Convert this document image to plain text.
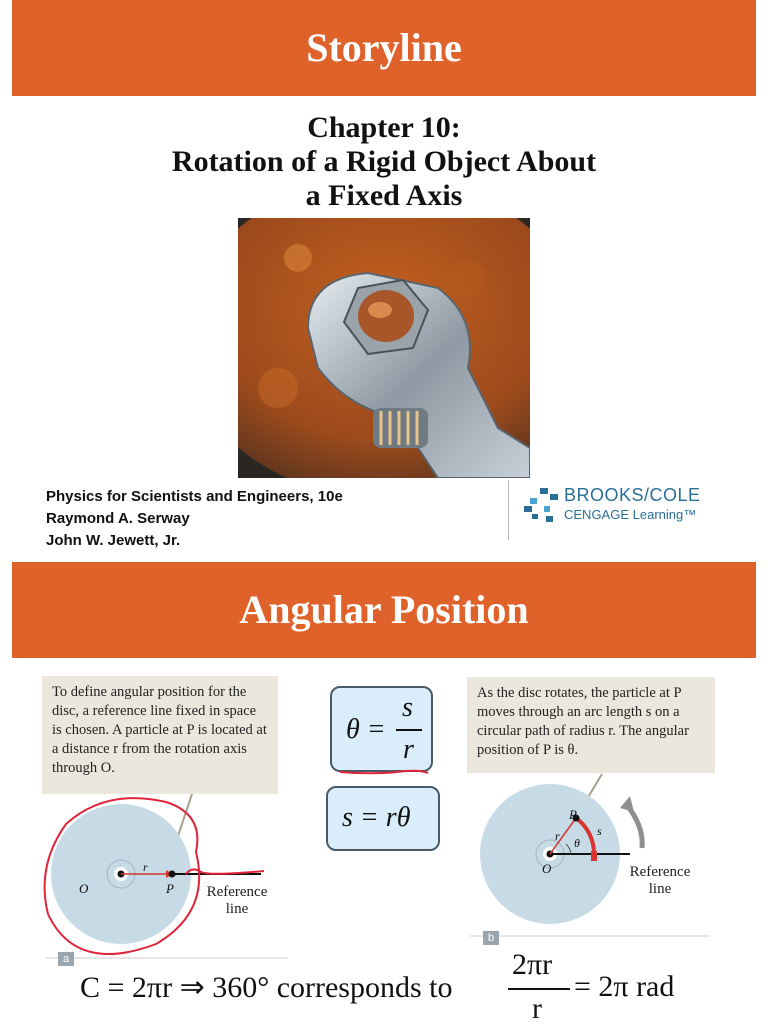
Storyline
Chapter 10:
Rotation of a Rigid Object About
a Fixed Axis
Physics for Scientists and Engineers, 10e
Raymond A. Serway
John W. Jewett, Jr.
BROOKS/COLE
CENGAGE Learning™
Angular Position
To define angular position for the disc, a reference line fixed in space is chosen. A particle at P is located at a distance r from the rotation axis through O.
As the disc rotates, the particle at P moves through an arc length s on a circular path of radius r. The angular position of P is θ.
O	P
r
Reference
line
a
θ =
s
r
s = rθ	P
r θ
s
O	Reference
line
b
C = 2πr ⇒ 360° corresponds to
2πr
r
= 2π rad
